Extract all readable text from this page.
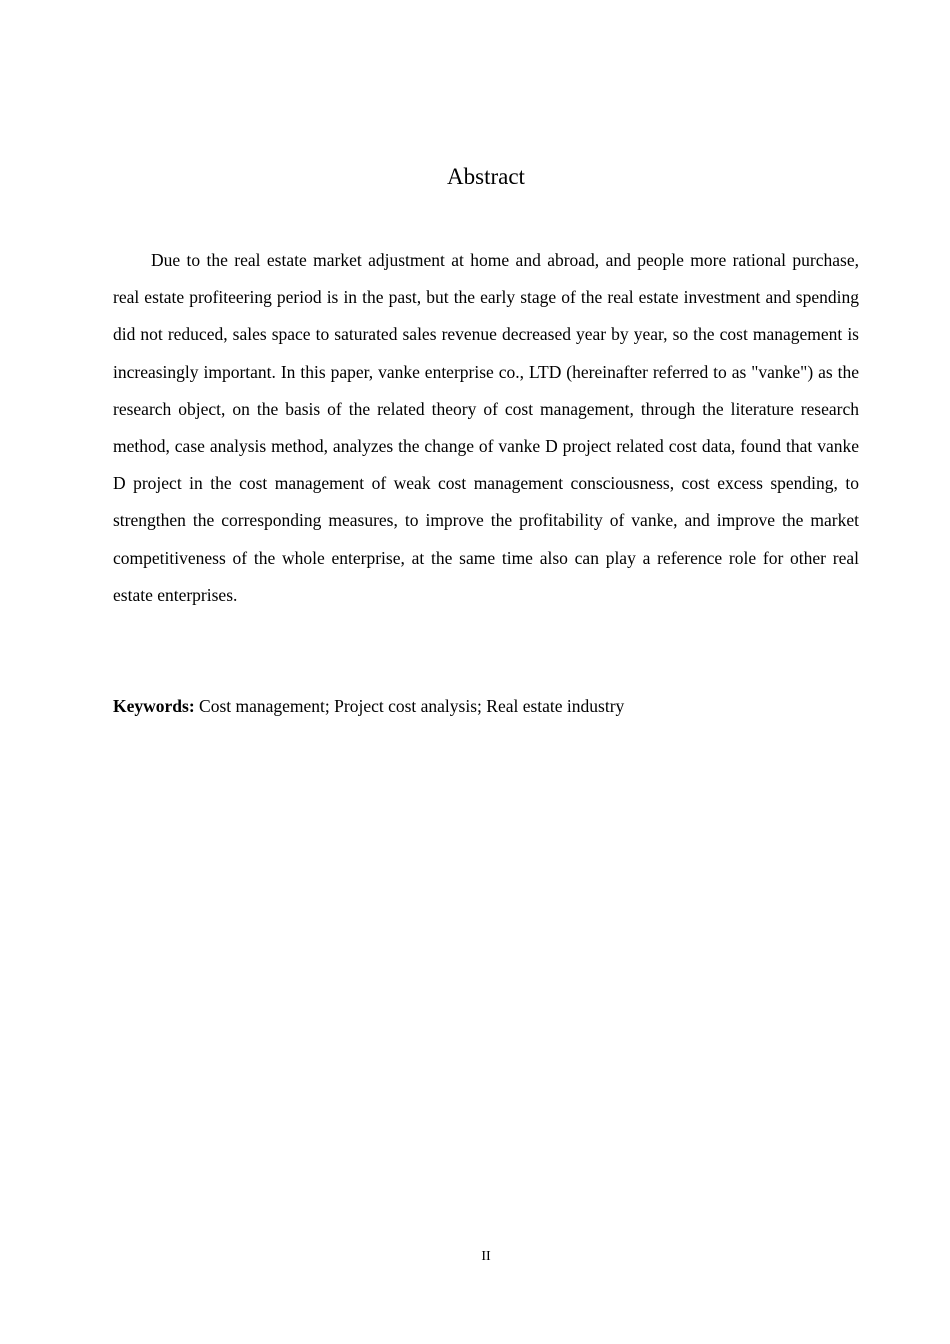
Abstract

Due to the real estate market adjustment at home and abroad, and people more rational purchase, real estate profiteering period is in the past, but the early stage of the real estate investment and spending did not reduced, sales space to saturated sales revenue decreased year by year, so the cost management is increasingly important. In this paper, vanke enterprise co., LTD (hereinafter referred to as "vanke") as the research object, on the basis of the related theory of cost management, through the literature research method, case analysis method, analyzes the change of vanke D project related cost data, found that vanke D project in the cost management of weak cost management consciousness, cost excess spending, to strengthen the corresponding measures, to improve the profitability of vanke, and improve the market competitiveness of the whole enterprise, at the same time also can play a reference role for other real estate enterprises.

Keywords: Cost management; Project cost analysis; Real estate industry

II
